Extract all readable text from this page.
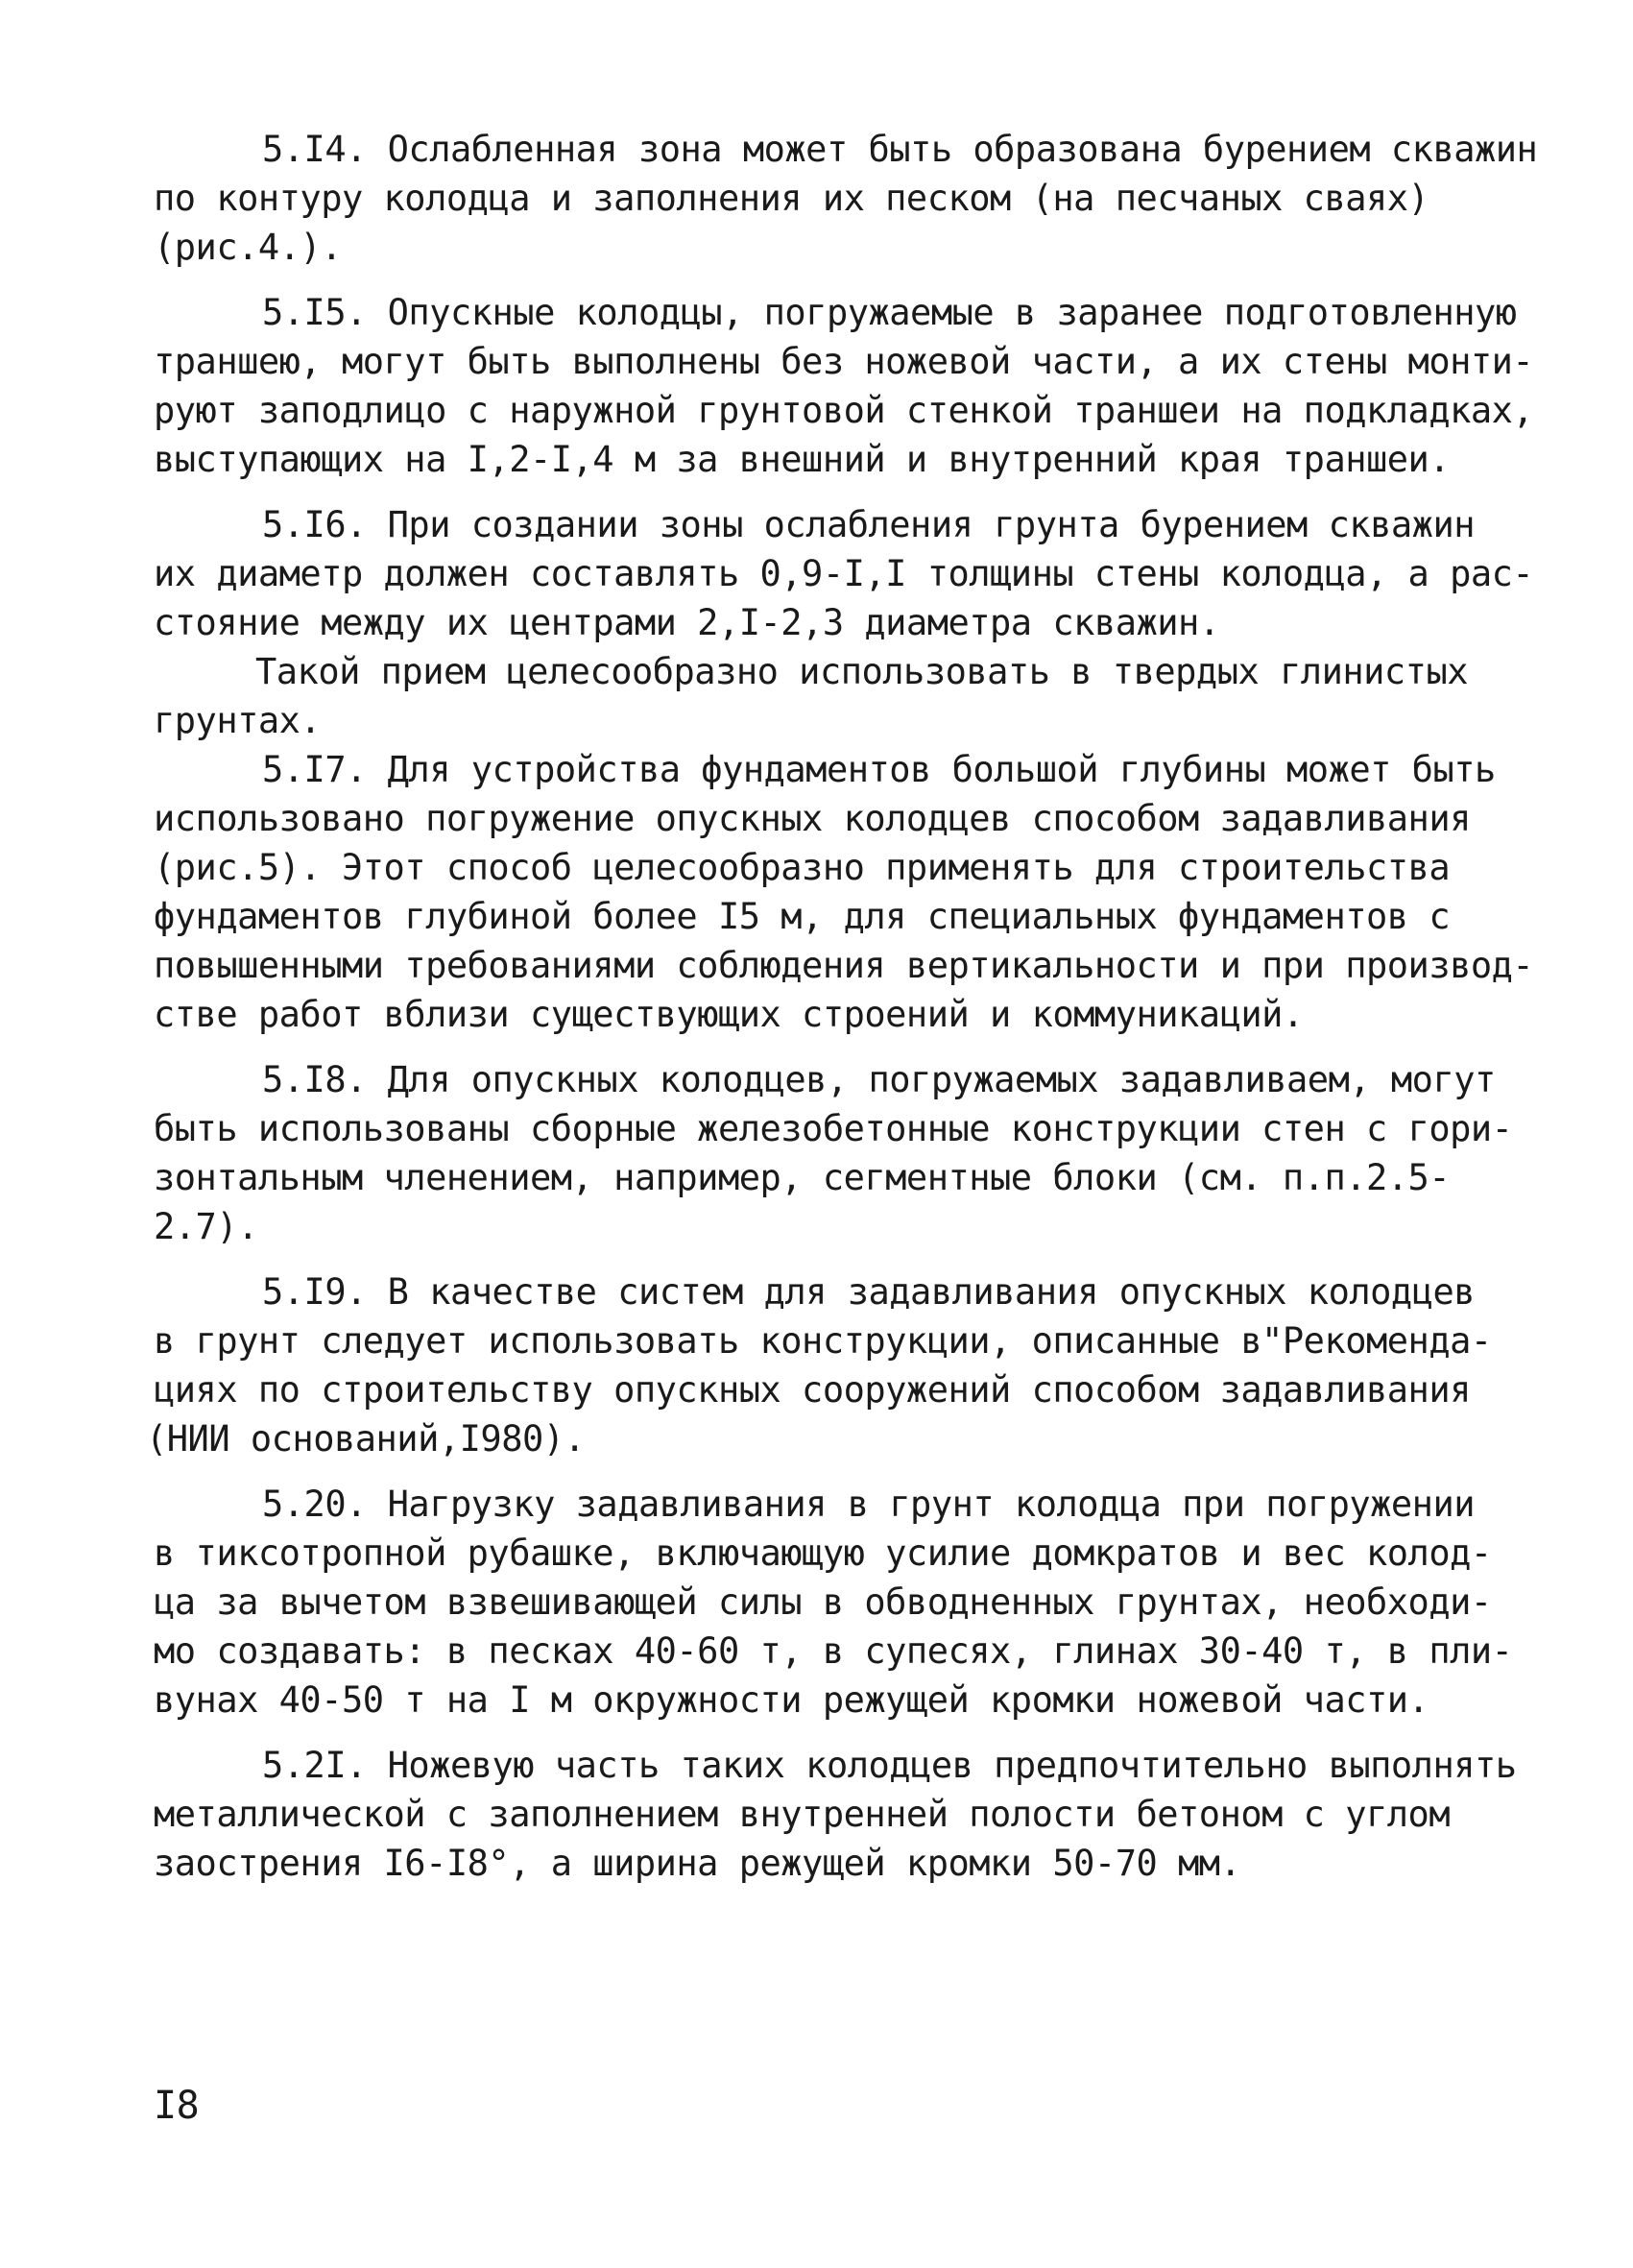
5.I4. Ослабленная зона может быть образована бурением скважин
по контуру колодца и заполнения их песком (на песчаных сваях)
(рис.4.).
5.I5. Опускные колодцы, погружаемые в заранее подготовленную
траншею, могут быть выполнены без ножевой части, а их стены монти-
руют заподлицо с наружной грунтовой стенкой траншеи на подкладках,
выступающих на I,2-I,4 м за внешний и внутренний края траншеи.
5.I6. При создании зоны ослабления грунта бурением скважин
их диаметр должен составлять 0,9-I,I толщины стены колодца, а рас-
стояние между их центрами 2,I-2,3 диаметра скважин.
Такой прием целесообразно использовать в твердых глинистых
грунтах.
5.I7. Для устройства фундаментов большой глубины может быть
использовано погружение опускных колодцев способом задавливания
(рис.5). Этот способ целесообразно применять для строительства
фундаментов глубиной более I5 м, для специальных фундаментов с
повышенными требованиями соблюдения вертикальности и при производ-
стве работ вблизи существующих строений и коммуникаций.
5.I8. Для опускных колодцев, погружаемых задавливаем, могут
быть использованы сборные железобетонные конструкции стен с гори-
зонтальным членением, например, сегментные блоки (см. п.п.2.5-
2.7).
5.I9. В качестве систем для задавливания опускных колодцев
в грунт следует использовать конструкции, описанные в"Рекоменда-
циях по строительству опускных сооружений способом задавливания
(НИИ оснований,I980).
5.20. Нагрузку задавливания в грунт колодца при погружении
в тиксотропной рубашке, включающую усилие домкратов и вес колод-
ца за вычетом взвешивающей силы в обводненных грунтах, необходи-
мо создавать: в песках 40-60 т, в супесях, глинах 30-40 т, в пли-
вунах 40-50 т на I м окружности режущей кромки ножевой части.
5.2I. Ножевую часть таких колодцев предпочтительно выполнять
металлической с заполнением внутренней полости бетоном с углом
заострения I6-I8°, а ширина режущей кромки 50-70 мм.
I8
